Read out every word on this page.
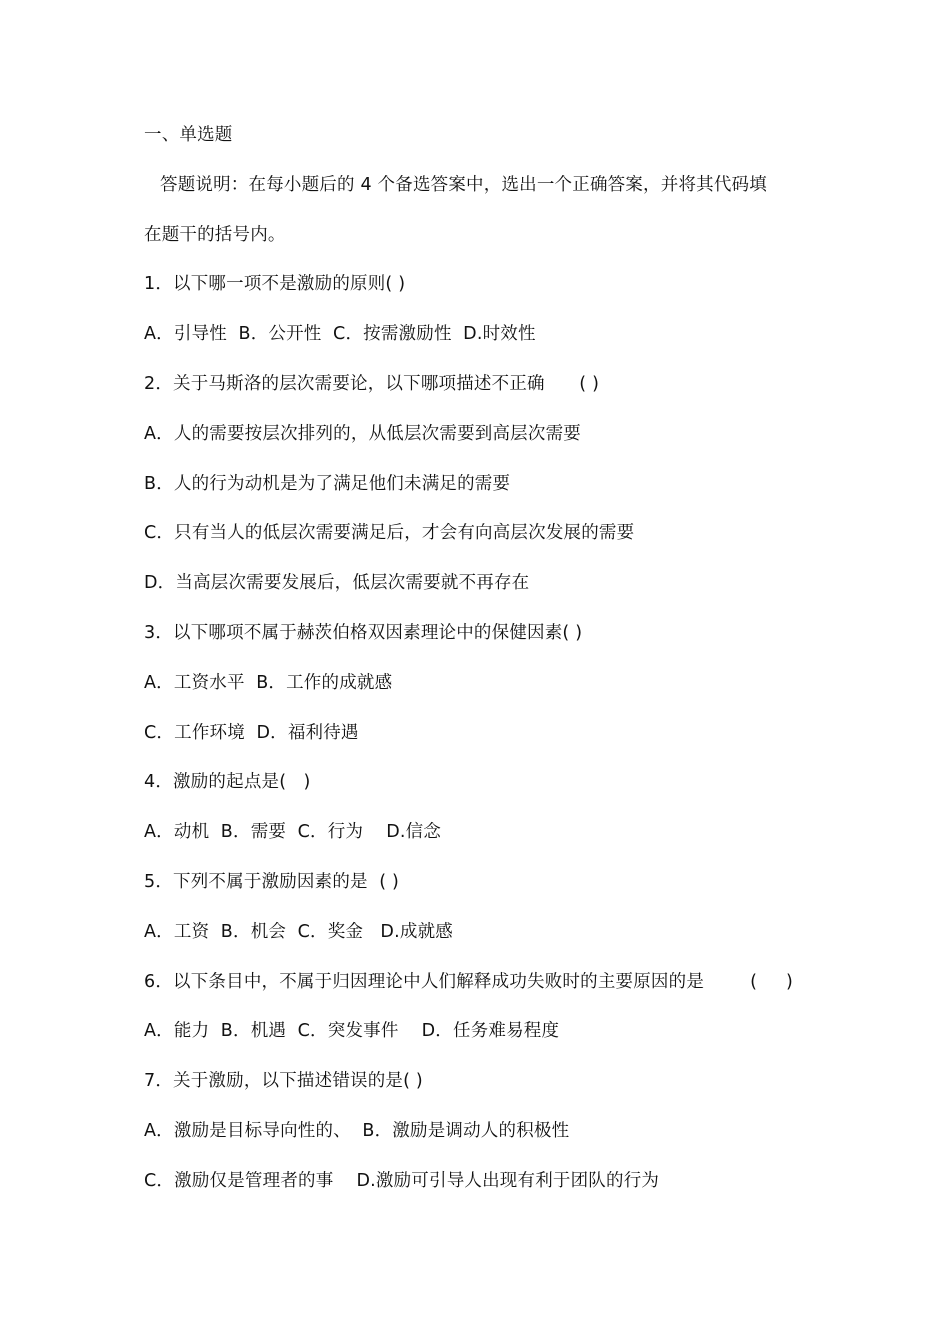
一、单选题
答题说明：在每小题后的 4 个备选答案中，选出一个正确答案，并将其代码填
在题干的括号内。
1．以下哪一项不是激励的原则( )
A．引导性  B．公开性  C．按需激励性  D.时效性
2．关于马斯洛的层次需要论，以下哪项描述不正确      ( )
A．人的需要按层次排列的，从低层次需要到高层次需要
B．人的行为动机是为了满足他们未满足的需要
C．只有当人的低层次需要满足后，才会有向高层次发展的需要
D．当高层次需要发展后，低层次需要就不再存在
3．以下哪项不属于赫茨伯格双因素理论中的保健因素( )
A．工资水平  B．工作的成就感
C．工作环境  D．福利待遇
4．激励的起点是(   )
A．动机  B．需要  C．行为    D.信念
5．下列不属于激励因素的是  ( )
A．工资  B．机会  C．奖金   D.成就感
6．以下条目中，不属于归因理论中人们解释成功失败时的主要原因的是        (     )
A．能力  B．机遇  C．突发事件    D．任务难易程度
7．关于激励，以下描述错误的是( )
A．激励是目标导向性的、  B．激励是调动人的积极性
C．激励仅是管理者的事    D.激励可引导人出现有利于团队的行为
